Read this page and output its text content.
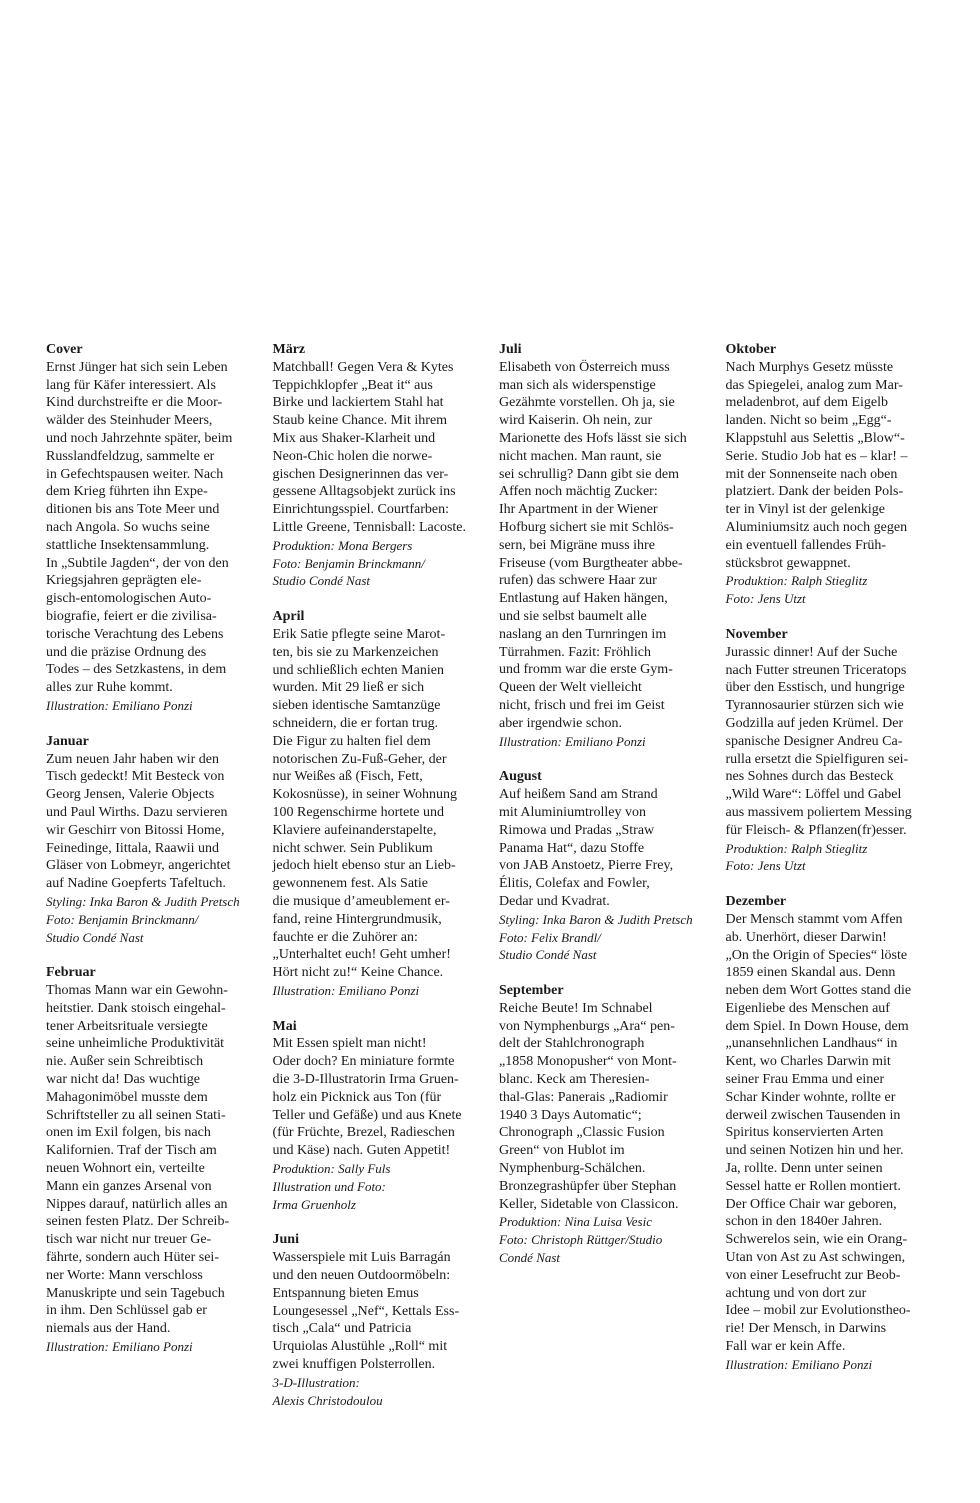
Cover
Ernst Jünger hat sich sein Leben
lang für Käfer interessiert. Als
Kind durchstreifte er die Moor-
wälder des Steinhuder Meers,
und noch Jahrzehnte später, beim
Russlandfeldzug, sammelte er
in Gefechtspausen weiter. Nach
dem Krieg führten ihn Expe-
ditionen bis ans Tote Meer und
nach Angola. So wuchs seine
stattliche Insektensammlung.
In „Subtile Jagden“, der von den
Kriegsjahren geprägten ele-
gisch-entomologischen Auto-
biografie, feiert er die zivilisa-
torische Verachtung des Lebens
und die präzise Ordnung des
Todes – des Setzkastens, in dem
alles zur Ruhe kommt.
Illustration: Emiliano Ponzi
Januar
Zum neuen Jahr haben wir den
Tisch gedeckt! Mit Besteck von
Georg Jensen, Valerie Objects
und Paul Wirths. Dazu servieren
wir Geschirr von Bitossi Home,
Feinedinge, Iittala, Raawii und
Gläser von Lobmeyr, angerichtet
auf Nadine Goepferts Tafeltuch.
Styling: Inka Baron & Judith Pretsch
Foto: Benjamin Brinckmann/
Studio Condé Nast
Februar
Thomas Mann war ein Gewohn-
heitstier. Dank stoisch eingehal-
tener Arbeitsrituale versiegte
seine unheimliche Produktivität
nie. Außer sein Schreibtisch
war nicht da! Das wuchtige
Mahagonimöbel musste dem
Schriftsteller zu all seinen Stati-
onen im Exil folgen, bis nach
Kalifornien. Traf der Tisch am
neuen Wohnort ein, verteilte
Mann ein ganzes Arsenal von
Nippes darauf, natürlich alles an
seinen festen Platz. Der Schreib-
tisch war nicht nur treuer Ge-
fährte, sondern auch Hüter sei-
ner Worte: Mann verschloss
Manuskripte und sein Tagebuch
in ihm. Den Schlüssel gab er
niemals aus der Hand.
Illustration: Emiliano Ponzi
März
Matchball! Gegen Vera & Kytes
Teppichklopfer „Beat it“ aus
Birke und lackiertem Stahl hat
Staub keine Chance. Mit ihrem
Mix aus Shaker-Klarheit und
Neon-Chic holen die norwe-
gischen Designerinnen das ver-
gessene Alltagsobjekt zurück ins
Einrichtungsspiel. Courtfarben:
Little Greene, Tennisball: Lacoste.
Produktion: Mona Bergers
Foto: Benjamin Brinckmann/
Studio Condé Nast
April
Erik Satie pflegte seine Marot-
ten, bis sie zu Markenzeichen
und schließlich echten Manien
wurden. Mit 29 ließ er sich
sieben identische Samtanzüge
schneidern, die er fortan trug.
Die Figur zu halten fiel dem
notorischen Zu-Fuß-Geher, der
nur Weißes aß (Fisch, Fett,
Kokosnüsse), in seiner Wohnung
100 Regenschirme hortete und
Klaviere aufeinanderstapelte,
nicht schwer. Sein Publikum
jedoch hielt ebenso stur an Lieb-
gewonnenem fest. Als Satie
die musique d’ameublement er-
fand, reine Hintergrundmusik,
fauchte er die Zuhörer an:
„Unterhaltet euch! Geht umher!
Hört nicht zu!“ Keine Chance.
Illustration: Emiliano Ponzi
Mai
Mit Essen spielt man nicht!
Oder doch? En miniature formte
die 3-D-Illustratorin Irma Gruen-
holz ein Picknick aus Ton (für
Teller und Gefäße) und aus Knete
(für Früchte, Brezel, Radieschen
und Käse) nach. Guten Appetit!
Produktion: Sally Fuls
Illustration und Foto:
Irma Gruenholz
Juni
Wasserspiele mit Luis Barragán
und den neuen Outdoormöbeln:
Entspannung bieten Emus
Loungesessel „Nef“, Kettals Ess-
tisch „Cala“ und Patricia
Urquiolas Alustühle „Roll“ mit
zwei knuffigen Polsterrollen.
3-D-Illustration:
Alexis Christodoulou
Juli
Elisabeth von Österreich muss
man sich als widerspenstige
Gezähmte vorstellen. Oh ja, sie
wird Kaiserin. Oh nein, zur
Marionette des Hofs lässt sie sich
nicht machen. Man raunt, sie
sei schrullig? Dann gibt sie dem
Affen noch mächtig Zucker:
Ihr Apartment in der Wiener
Hofburg sichert sie mit Schlös-
sern, bei Migräne muss ihre
Friseuse (vom Burgtheater abbe-
rufen) das schwere Haar zur
Entlastung auf Haken hängen,
und sie selbst baumelt alle
naslang an den Turnringen im
Türrahmen. Fazit: Fröhlich
und fromm war die erste Gym-
Queen der Welt vielleicht
nicht, frisch und frei im Geist
aber irgendwie schon.
Illustration: Emiliano Ponzi
August
Auf heißem Sand am Strand
mit Aluminiumtrolley von
Rimowa und Pradas „Straw
Panama Hat“, dazu Stoffe
von JAB Anstoetz, Pierre Frey,
Élitis, Colefax and Fowler,
Dedar und Kvadrat.
Styling: Inka Baron & Judith Pretsch
Foto: Felix Brandl/
Studio Condé Nast
September
Reiche Beute! Im Schnabel
von Nymphenburgs „Ara“ pen-
delt der Stahlchronograph
„1858 Monopusher“ von Mont-
blanc. Keck am Theresien-
thal-Glas: Panerais „Radiomir
1940 3 Days Automatic“;
Chronograph „Classic Fusion
Green“ von Hublot im
Nymphenburg-Schälchen.
Bronzegrashüpfer über Stephan
Keller, Sidetable von Classicon.
Produktion: Nina Luisa Vesic
Foto: Christoph Rüttger/Studio
Condé Nast
Oktober
Nach Murphys Gesetz müsste
das Spiegelei, analog zum Mar-
meladenbrot, auf dem Eigelb
landen. Nicht so beim „Egg“-
Klappstuhl aus Selettis „Blow“-
Serie. Studio Job hat es – klar! –
mit der Sonnenseite nach oben
platziert. Dank der beiden Pols-
ter in Vinyl ist der gelenkige
Aluminiumsitz auch noch gegen
ein eventuell fallendes Früh-
stücksbrot gewappnet.
Produktion: Ralph Stieglitz
Foto: Jens Utzt
November
Jurassic dinner! Auf der Suche
nach Futter streunen Triceratops
über den Esstisch, und hungrige
Tyrannosaurier stürzen sich wie
Godzilla auf jeden Krümel. Der
spanische Designer Andreu Ca-
rulla ersetzt die Spielfiguren sei-
nes Sohnes durch das Besteck
„Wild Ware“: Löffel und Gabel
aus massivem poliertem Messing
für Fleisch- & Pflanzen(fr)esser.
Produktion: Ralph Stieglitz
Foto: Jens Utzt
Dezember
Der Mensch stammt vom Affen
ab. Unerhört, dieser Darwin!
„On the Origin of Species“ löste
1859 einen Skandal aus. Denn
neben dem Wort Gottes stand die
Eigenliebe des Menschen auf
dem Spiel. In Down House, dem
„unansehnlichen Landhaus“ in
Kent, wo Charles Darwin mit
seiner Frau Emma und einer
Schar Kinder wohnte, rollte er
derweil zwischen Tausenden in
Spiritus konservierten Arten
und seinen Notizen hin und her.
Ja, rollte. Denn unter seinen
Sessel hatte er Rollen montiert.
Der Office Chair war geboren,
schon in den 1840er Jahren.
Schwerelos sein, wie ein Orang-
Utan von Ast zu Ast schwingen,
von einer Lesefrucht zur Beob-
achtung und von dort zur
Idee – mobil zur Evolutionstheo-
rie! Der Mensch, in Darwins
Fall war er kein Affe.
Illustration: Emiliano Ponzi
